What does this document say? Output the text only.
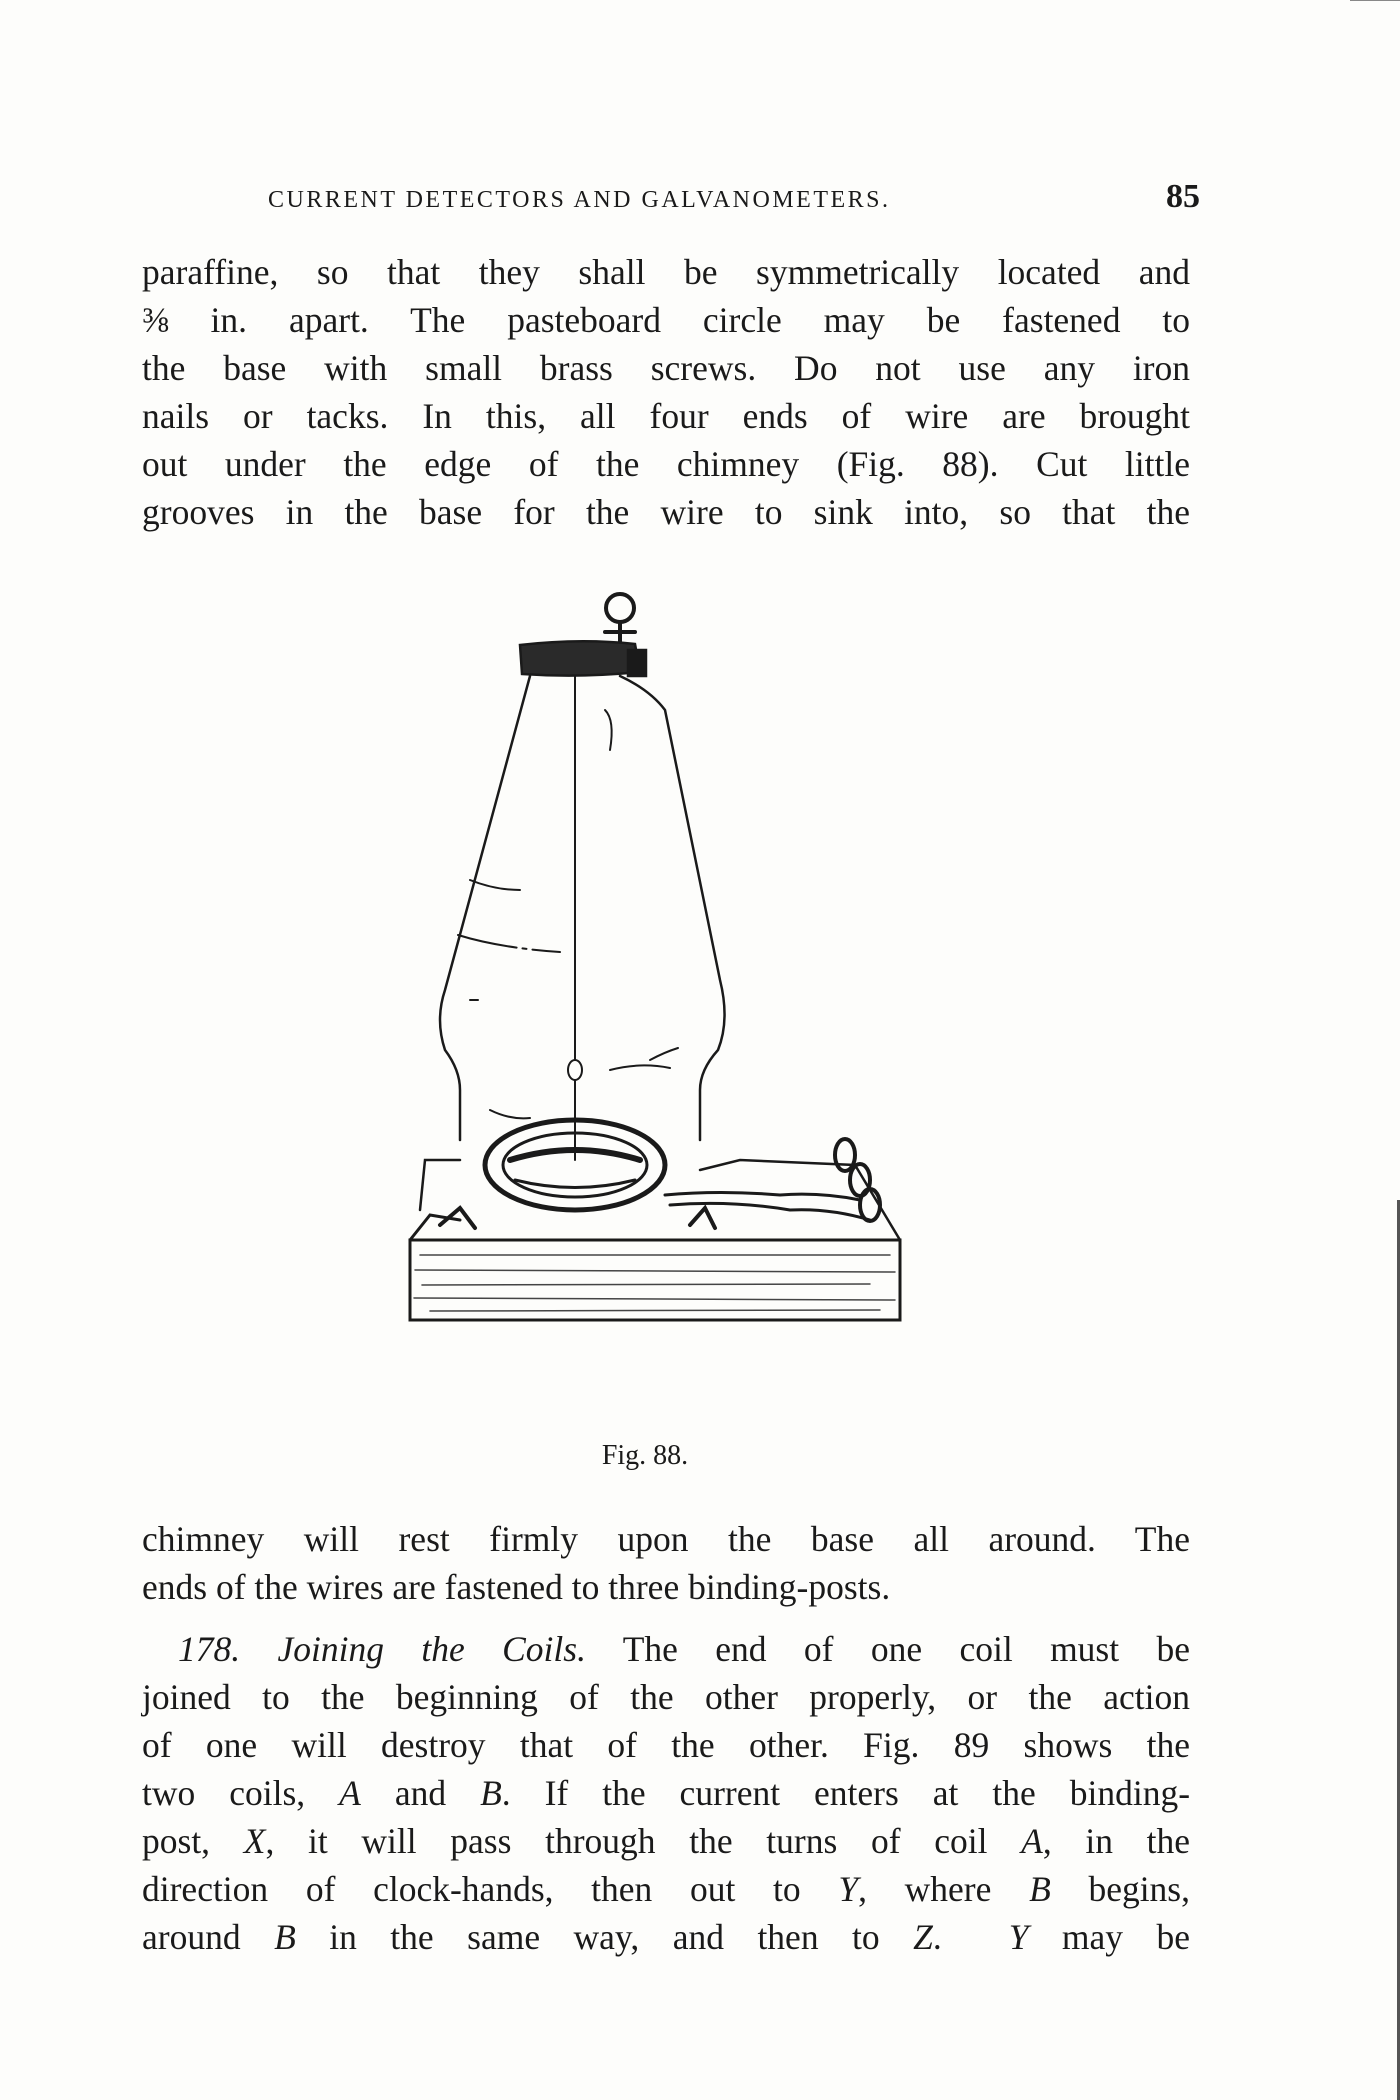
CURRENT DETECTORS AND GALVANOMETERS.	85
paraffine, so that they shall be symmetrically located and
⅜ in. apart. The pasteboard circle may be fastened to
the base with small brass screws. Do not use any iron
nails or tacks. In this, all four ends of wire are brought
out under the edge of the chimney (Fig. 88). Cut little
grooves in the base for the wire to sink into, so that the
Fig. 88.
chimney will rest firmly upon the base all around. The
ends of the wires are fastened to three binding-posts.
178. Joining the Coils. The end of one coil must be
joined to the beginning of the other properly, or the action
of one will destroy that of the other. Fig. 89 shows the
two coils, A and B. If the current enters at the binding-
post, X, it will pass through the turns of coil A, in the
direction of clock-hands, then out to Y, where B begins,
around B in the same way, and then to Z.  Y may be
